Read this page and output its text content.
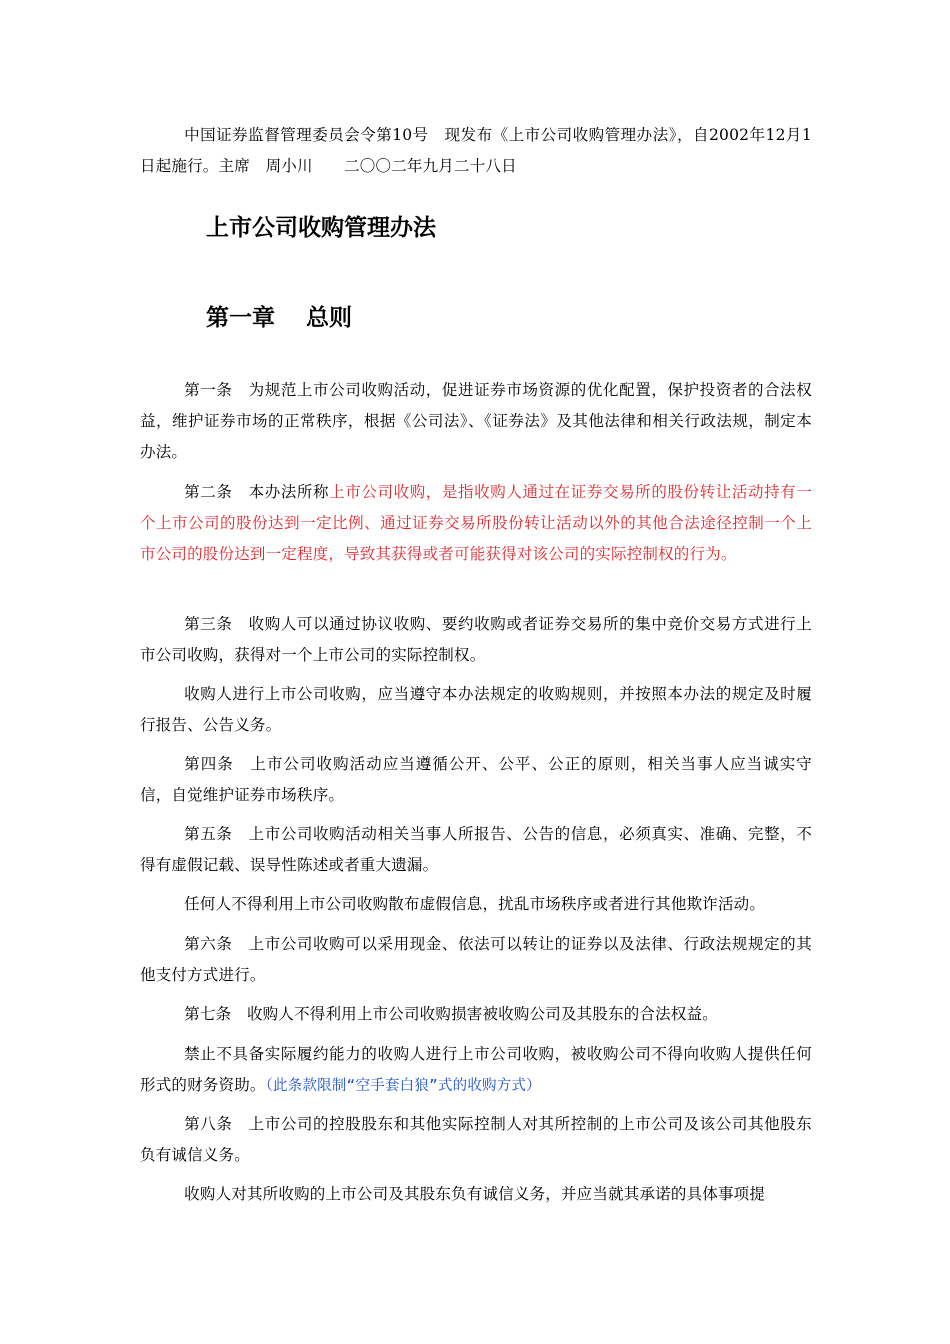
中国证券监督管理委员会令第10号　现发布《上市公司收购管理办法》，自2002年12月1日起施行。主席　周小川　　二〇〇二年九月二十八日

上市公司收购管理办法
第一章　 总则

第一条　为规范上市公司收购活动，促进证券市场资源的优化配置，保护投资者的合法权益，维护证券市场的正常秩序，根据《公司法》、《证券法》及其他法律和相关行政法规，制定本办法。

第二条　本办法所称上市公司收购，是指收购人通过在证券交易所的股份转让活动持有一个上市公司的股份达到一定比例、通过证券交易所股份转让活动以外的其他合法途径控制一个上市公司的股份达到一定程度，导致其获得或者可能获得对该公司的实际控制权的行为。

第三条　收购人可以通过协议收购、要约收购或者证券交易所的集中竞价交易方式进行上市公司收购，获得对一个上市公司的实际控制权。

收购人进行上市公司收购，应当遵守本办法规定的收购规则，并按照本办法的规定及时履行报告、公告义务。

第四条　上市公司收购活动应当遵循公开、公平、公正的原则，相关当事人应当诚实守信，自觉维护证券市场秩序。

第五条　上市公司收购活动相关当事人所报告、公告的信息，必须真实、准确、完整，不得有虚假记载、误导性陈述或者重大遗漏。

任何人不得利用上市公司收购散布虚假信息，扰乱市场秩序或者进行其他欺诈活动。

第六条　上市公司收购可以采用现金、依法可以转让的证券以及法律、行政法规规定的其他支付方式进行。

第七条　收购人不得利用上市公司收购损害被收购公司及其股东的合法权益。

禁止不具备实际履约能力的收购人进行上市公司收购，被收购公司不得向收购人提供任何形式的财务资助。（此条款限制“空手套白狼”式的收购方式）

第八条　上市公司的控股股东和其他实际控制人对其所控制的上市公司及该公司其他股东负有诚信义务。

收购人对其所收购的上市公司及其股东负有诚信义务，并应当就其承诺的具体事项提
